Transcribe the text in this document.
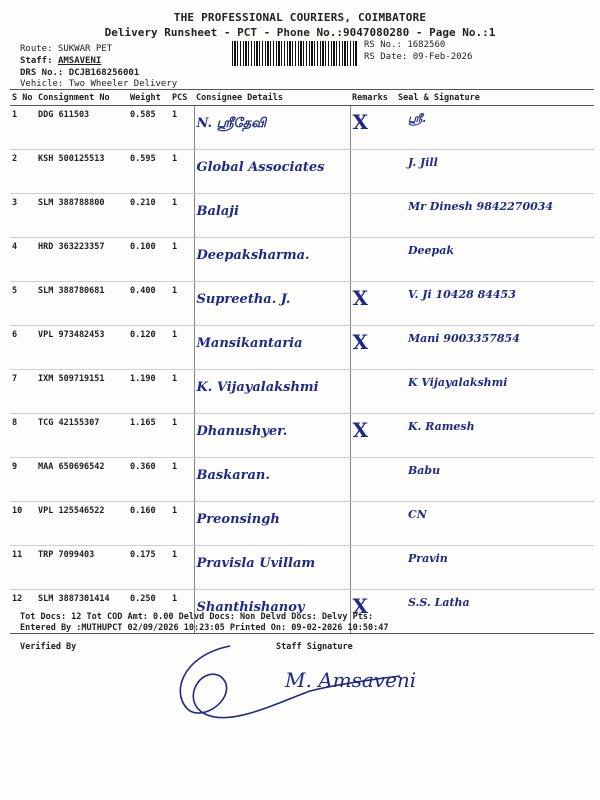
THE PROFESSIONAL COURIERS, COIMBATORE
Delivery Runsheet - PCT - Phone No.:9047080280 - Page No.:1
Route: SUKWAR PET
Staff: AMSAVENI
DRS No.: DCJB168256001
Vehicle: Two Wheeler Delivery
RS No.: 1682560
RS Date: 09-Feb-2026
S No	Consignment No	Weight	PCS	Consignee Details	Remarks	Seal & Signature
1	DDG 611503	0.585	1	N. ஸ்ரீதேவி	X	ஸ்ரீ.
2	KSH 500125513	0.595	1	Global Associates		J. Jill
3	SLM 388788800	0.210	1	Balaji		Mr Dinesh 9842270034
4	HRD 363223357	0.100	1	Deepaksharma.		Deepak
5	SLM 388780681	0.400	1	Supreetha. J.	X	V. Ji 10428 84453
6	VPL 973482453	0.120	1	Mansikantaria	X	Mani 9003357854
7	IXM 509719151	1.190	1	K. Vijayalakshmi		K Vijayalakshmi
8	TCG 42155307	1.165	1	Dhanushyer.	X	K. Ramesh
9	MAA 650696542	0.360	1	Baskaran.		Babu
10	VPL 125546522	0.160	1	Preonsingh		CN
11	TRP 7099403	0.175	1	Pravisla Uvillam		Pravin
12	SLM 3887301414	0.250	1	Shanthishanoy	X	S.S. Latha
Tot Docs: 12 Tot COD Amt: 0.00 Delvd Docs: Non Delvd Docs: Delvy Pts:
Entered By :MUTHUPCT 02/09/2026 10:23:05 Printed On: 09-02-2026 10:50:47
Verified By	Staff Signature
M. Amsaveni
